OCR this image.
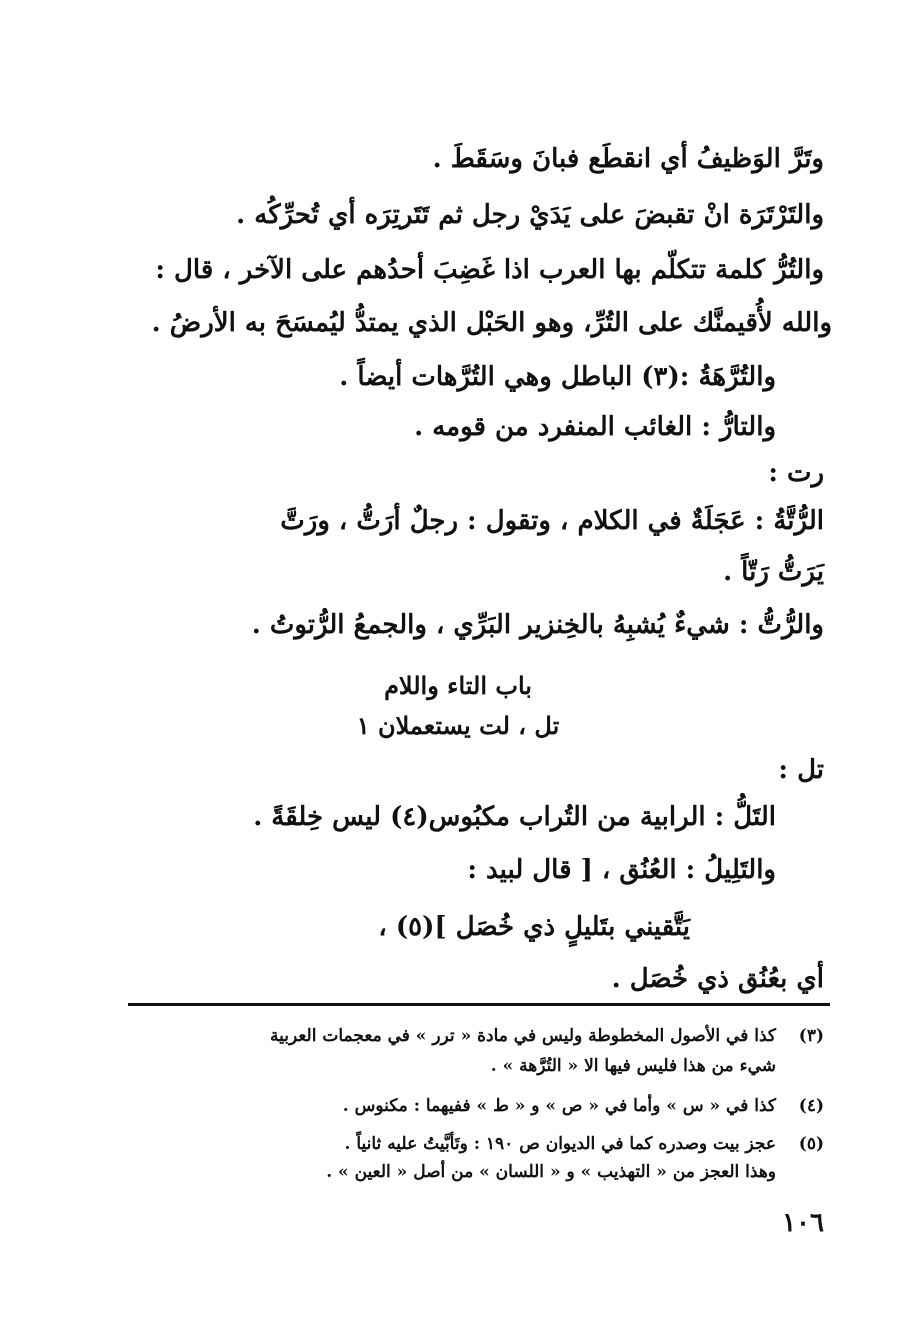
وتَرَّ الوَظيفُ أي انقطَع فبانَ وسَقَطَ .
والتَرْتَرَة انْ تقبضَ على يَدَيْ رجل ثم تَتَرتِرَه أي تُحرِّكُه .
والتُرُّ كلمة تتكلّم بها العرب اذا غَضِبَ أحدُهم على الآخر ، قال :
والله لأُقيمنَّك على التُرِّ، وهو الحَبْل الذي يمتدُّ ليُمسَحَ به الأرضُ .
والتُرَّهَةُ :(٣) الباطل وهي التُرَّهات أيضاً .
والتارُّ : الغائب المنفرد من قومه .
رت :
الرُّتَّةُ : عَجَلَةٌ في الكلام ، وتقول : رجلٌ أرَتُّ ، ورَتَّ
يَرَتُّ رَتّاً .
والرُّتُّ : شيءٌ يُشبِهُ بالخِنزير البَرِّي ، والجمعُ الرُّتوتُ .
باب التاء واللام
تل ، لت يستعملان ١
تل :
التَلُّ : الرابية من التُراب مكبُوس(٤) ليس خِلقَةً .
والتَلِيلُ : العُنُق ، [ قال لبيد :
يَتَّقيني بتَليلٍ ذي خُصَل ](٥) ،
أي بعُنُق ذي خُصَل .
(٣)
كذا في الأصول المخطوطة وليس في مادة « ترر » في معجمات العربية
شيء من هذا فليس فيها الا « التُرَّهة » .
(٤)
كذا في « س » وأما في « ص » و « ط » ففيهما : مكنوس .
(٥)
عجز بيت وصدره كما في الديوان ص ١٩٠ : وتَأبَّيتُ عليه ثانياً .
وهذا العجز من « التهذيب » و « اللسان » من أصل « العين » .
١٠٦
